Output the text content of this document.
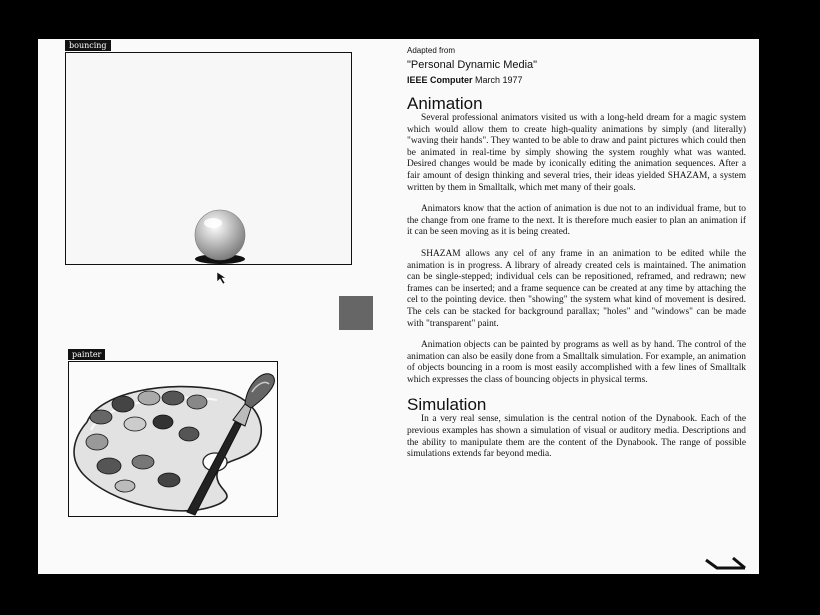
bouncing
painter
Adapted from
"Personal Dynamic Media"
IEEE Computer March 1977
Animation

Several professional animators visited us with a long-held dream for a magic system which would allow them to create high-quality animations by simply (and literally) "waving their hands". They wanted to be able to draw and paint pictures which could then be animated in real-time by simply showing the system roughly what was wanted. Desired changes would be made by iconically editing the animation sequences. After a fair amount of design thinking and several tries, their ideas yielded SHAZAM, a system written by them in Smalltalk, which met many of their goals.

Animators know that the action of animation is due not to an individual frame, but to the change from one frame to the next. It is therefore much easier to plan an animation if it can be seen moving as it is being created.

SHAZAM allows any cel of any frame in an animation to be edited while the animation is in progress. A library of already created cels is maintained. The animation can be single-stepped; individual cels can be repositioned, reframed, and redrawn; new frames can be inserted; and a frame sequence can be created at any time by attaching the cel to the pointing device. then "showing" the system what kind of movement is desired. The cels can be stacked for background parallax; "holes" and "windows" can be made with "transparent" paint.

Animation objects can be painted by programs as well as by hand. The control of the animation can also be easily done from a Smalltalk simulation. For example, an animation of objects bouncing in a room is most easily accomplished with a few lines of Smalltalk which expresses the class of bouncing objects in physical terms.

Simulation

In a very real sense, simulation is the central notion of the Dynabook. Each of the previous examples has shown a simulation of visual or auditory media. Descriptions and the ability to manipulate them are the content of the Dynabook. The range of possible simulations extends far beyond media.
